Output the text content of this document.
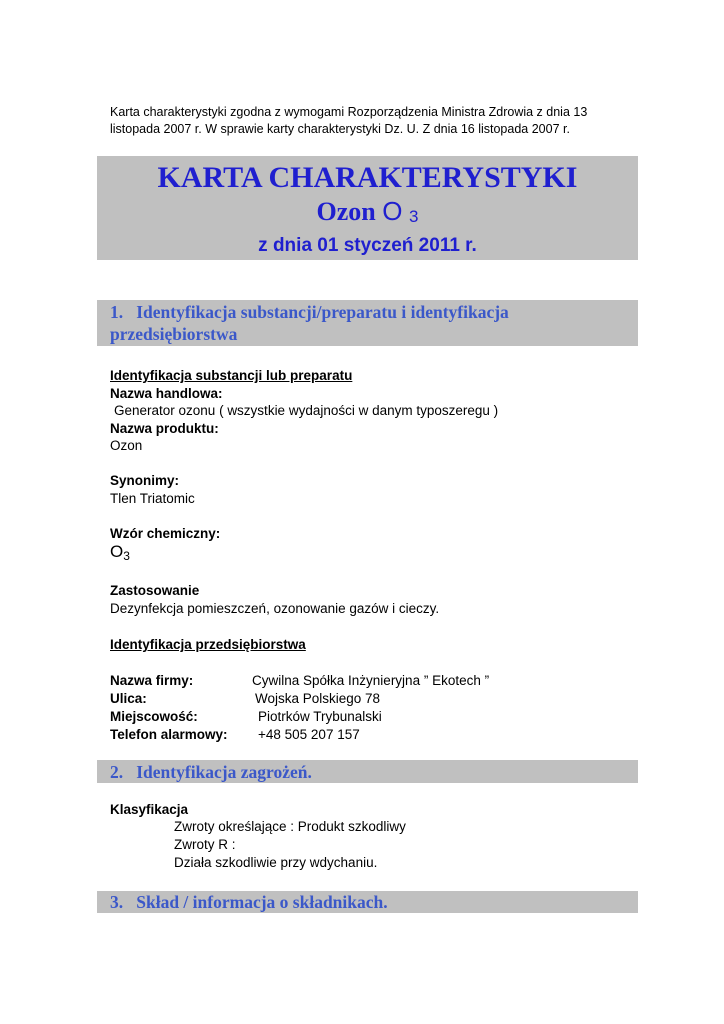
Karta charakterystyki zgodna z wymogami Rozporządzenia Ministra Zdrowia z dnia 13 listopada 2007 r. W sprawie karty charakterystyki Dz. U. Z dnia 16 listopada 2007 r.
KARTA CHARAKTERYSTYKI
Ozon O 3
z dnia 01 styczeń 2011 r.
1. Identyfikacja substancji/preparatu i identyfikacja przedsiębiorstwa
Identyfikacja substancji lub preparatu
Nazwa handlowa:
Generator ozonu ( wszystkie wydajności w danym typoszeregu )
Nazwa produktu:
Ozon
Synonimy:
Tlen Triatomic
Wzór chemiczny:
$O_3$
Zastosowanie
Dezynfekcja pomieszczeń, ozonowanie gazów i cieczy.
Identyfikacja przedsiębiorstwa
Nazwa firmy:	Cywilna Spółka Inżynieryjna ” Ekotech ”
Ulica:	Wojska Polskiego 78
Miejscowość:	Piotrków Trybunalski
Telefon alarmowy: +48 505 207 157
2. Identyfikacja zagrożeń.
Klasyfikacja
Zwroty określające : Produkt szkodliwy
Zwroty R :
Działa szkodliwie przy wdychaniu.
3. Skład / informacja o składnikach.
